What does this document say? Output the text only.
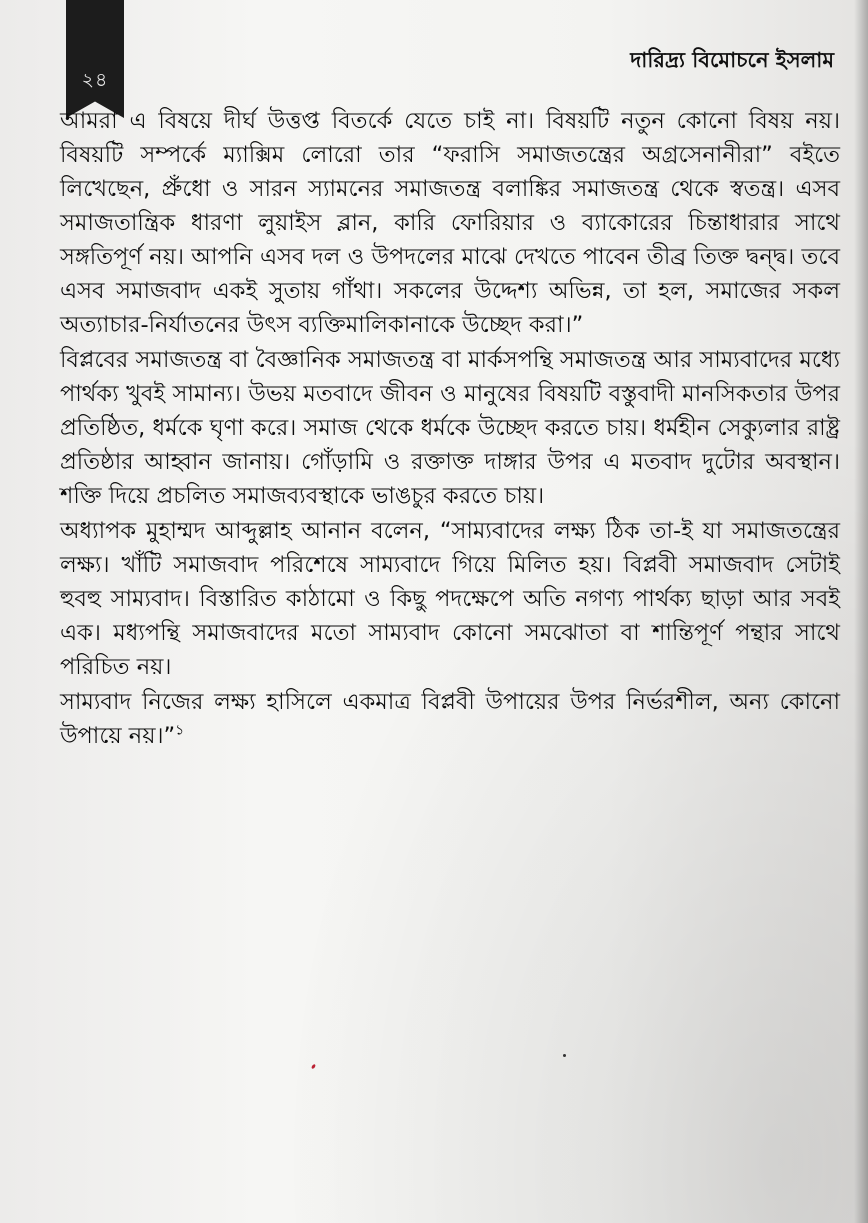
২৪
দারিদ্র্য বিমোচনে ইসলাম

আমরা এ বিষয়ে দীর্ঘ উত্তপ্ত বিতর্কে যেতে চাই না। বিষয়টি নতুন কোনো বিষয় নয়। বিষয়টি সম্পর্কে ম্যাক্সিম লোরো তার “ফরাসি সমাজতন্ত্রের অগ্রসেনানীরা” বইতে লিখেছেন, প্রুঁধো ও সারন স্যামনের সমাজতন্ত্র বলাঙ্কির সমাজতন্ত্র থেকে স্বতন্ত্র। এসব সমাজতান্ত্রিক ধারণা লুয়াইস ব্লান, কারি ফোরিয়ার ও ব্যাকোরের চিন্তাধারার সাথে সঙ্গতিপূর্ণ নয়। আপনি এসব দল ও উপদলের মাঝে দেখতে পাবেন তীব্র তিক্ত দ্বন্দ্ব। তবে এসব সমাজবাদ একই সুতায় গাঁথা। সকলের উদ্দেশ্য অভিন্ন, তা হল, সমাজের সকল অত্যাচার-নির্যাতনের উৎস ব্যক্তিমালিকানাকে উচ্ছেদ করা।”

বিপ্লবের সমাজতন্ত্র বা বৈজ্ঞানিক সমাজতন্ত্র বা মার্কসপন্থি সমাজতন্ত্র আর সাম্যবাদের মধ্যে পার্থক্য খুবই সামান্য। উভয় মতবাদে জীবন ও মানুষের বিষয়টি বস্তুবাদী মানসিকতার উপর প্রতিষ্ঠিত, ধর্মকে ঘৃণা করে। সমাজ থেকে ধর্মকে উচ্ছেদ করতে চায়। ধর্মহীন সেক্যুলার রাষ্ট্র প্রতিষ্ঠার আহ্বান জানায়। গোঁড়ামি ও রক্তাক্ত দাঙ্গার উপর এ মতবাদ দুটোর অবস্থান। শক্তি দিয়ে প্রচলিত সমাজব্যবস্থাকে ভাঙচুর করতে চায়।

অধ্যাপক মুহাম্মদ আব্দুল্লাহ আনান বলেন, “সাম্যবাদের লক্ষ্য ঠিক তা-ই যা সমাজতন্ত্রের লক্ষ্য। খাঁটি সমাজবাদ পরিশেষে সাম্যবাদে গিয়ে মিলিত হয়। বিপ্লবী সমাজবাদ সেটাই হুবহু সাম্যবাদ। বিস্তারিত কাঠামো ও কিছু পদক্ষেপে অতি নগণ্য পার্থক্য ছাড়া আর সবই এক। মধ্যপন্থি সমাজবাদের মতো সাম্যবাদ কোনো সমঝোতা বা শান্তিপূর্ণ পন্থার সাথে পরিচিত নয়।

সাম্যবাদ নিজের লক্ষ্য হাসিলে একমাত্র বিপ্লবী উপায়ের উপর নির্ভরশীল, অন্য কোনো উপায়ে নয়।”$^১$
